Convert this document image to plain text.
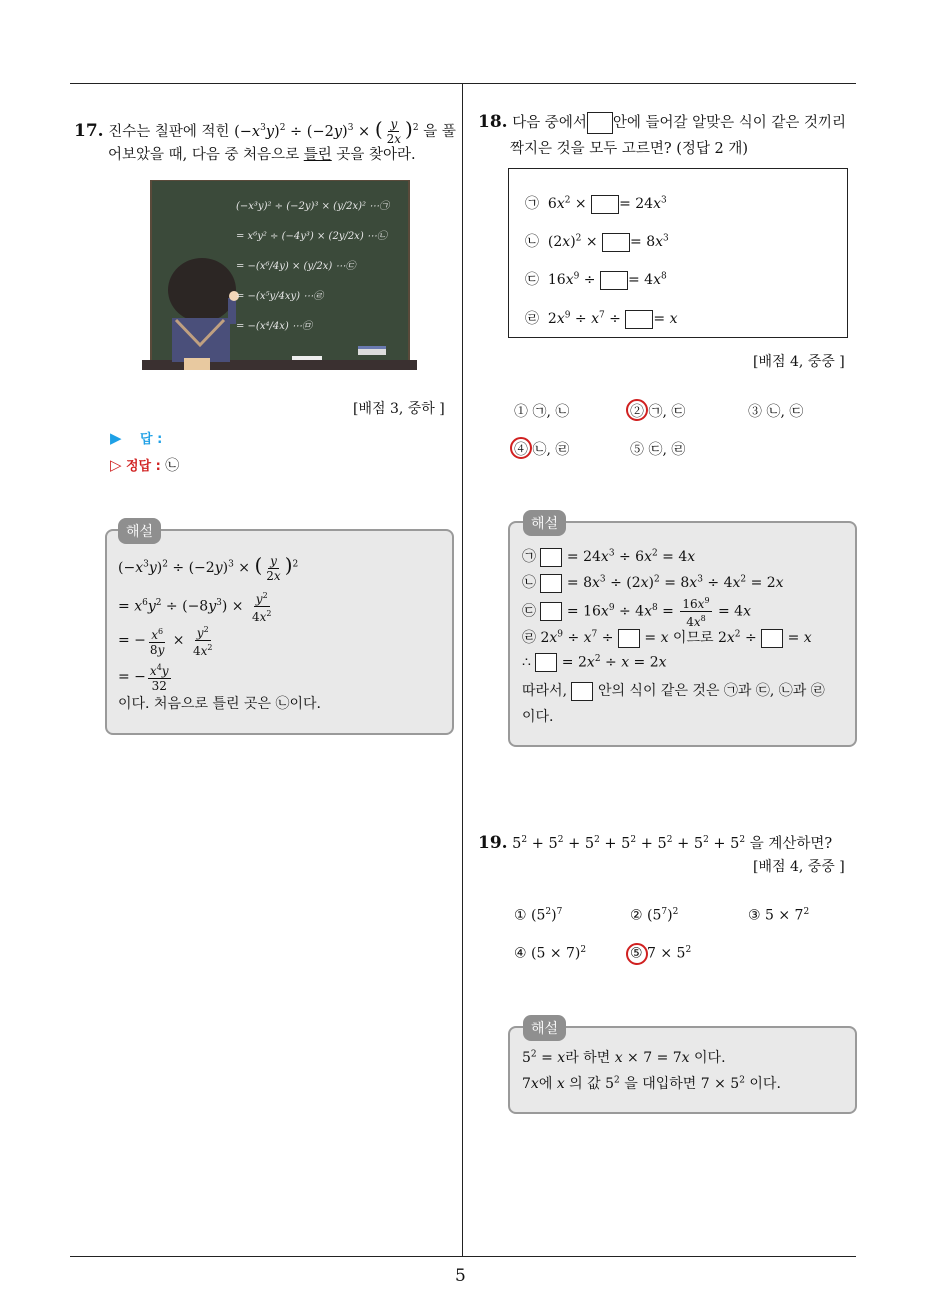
5
17. 진수는 칠판에 적힌 $(-x^3y)^2 \div (-2y)^3$ × ( $\frac{y}{2x} )^2$ 을 풀
어보았을 때, 다음 중 처음으로 틀린 곳을 찾아라.
(−x³y)² ÷ (−2y)³ × (y/2x)² ⋯㉠
= x⁶y² ÷ (−4y³) × (2y/2x) ⋯㉡
= −(x⁶/4y) × (y/2x) ⋯㉢
= −(x⁵y/4xy) ⋯㉣
= −(x⁴/4x) ⋯㉤
[배점 3, 중하 ]
▶ 답 :
▷ 정답 : ㉡
해설
$(-x^3y)^2 \div (-2y)^3$ × ( $\frac{y}{2x} )^2$
= $x^6y^2 \div (-8y^3) \times \frac{y^2}{4x^2}$
= − $\frac{x^6}{8y} \times \frac{y^2}{4x^2}$
= − $\frac{x^4y}{32}$
이다. 처음으로 틀린 곳은 ㉡이다.
18. 다음 중에서 안에 들어갈 알맞은 식이 같은 것끼리
짝지은 것을 모두 고르면? (정답 2 개)
㉠  $6x^2$ × = $24x^3$
㉡  $(2x)^2$ × = $8x^3$
㉢  $16x^9$ ÷ = $4x^8$
㉣  $2x^9 \div x^7$ ÷ = x
[배점 4, 중중 ]
① ㉠, ㉡	② ㉠, ㉢	③ ㉡, ㉢
④ ㉡, ㉣	⑤ ㉢, ㉣
해설
㉠  = $24x^3 \div 6x^2 = 4x$
㉡  = $8x^3 \div (2x)^2 = 8x^3 \div 4x^2 = 2x$
㉢  = $16x^9 \div 4x^8 = \frac{16x^9}{4x^8} = 4x$
㉣ $2x^9 \div x^7$ ÷  = x 이므로 $2x^2$ ÷  = x
∴  = $2x^2 \div x = 2x$
따라서, 안의 식이 같은 것은 ㉠과 ㉢, ㉡과 ㉣
이다.
19. $5^2 + 5^2 + 5^2 + 5^2 + 5^2 + 5^2 + 5^2$ 을 계산하면?
[배점 4, 중중 ]
① $(5^2)^7$	② $(5^7)^2$	③ $5 \times 7^2$
④ $(5 \times 7)^2$	⑤ $7 \times 5^2$
해설
$5^2 = x$라 하면 x × 7 = 7x 이다.
7x에 x 의 값 $5^2$ 을 대입하면 $7 \times 5^2$ 이다.
